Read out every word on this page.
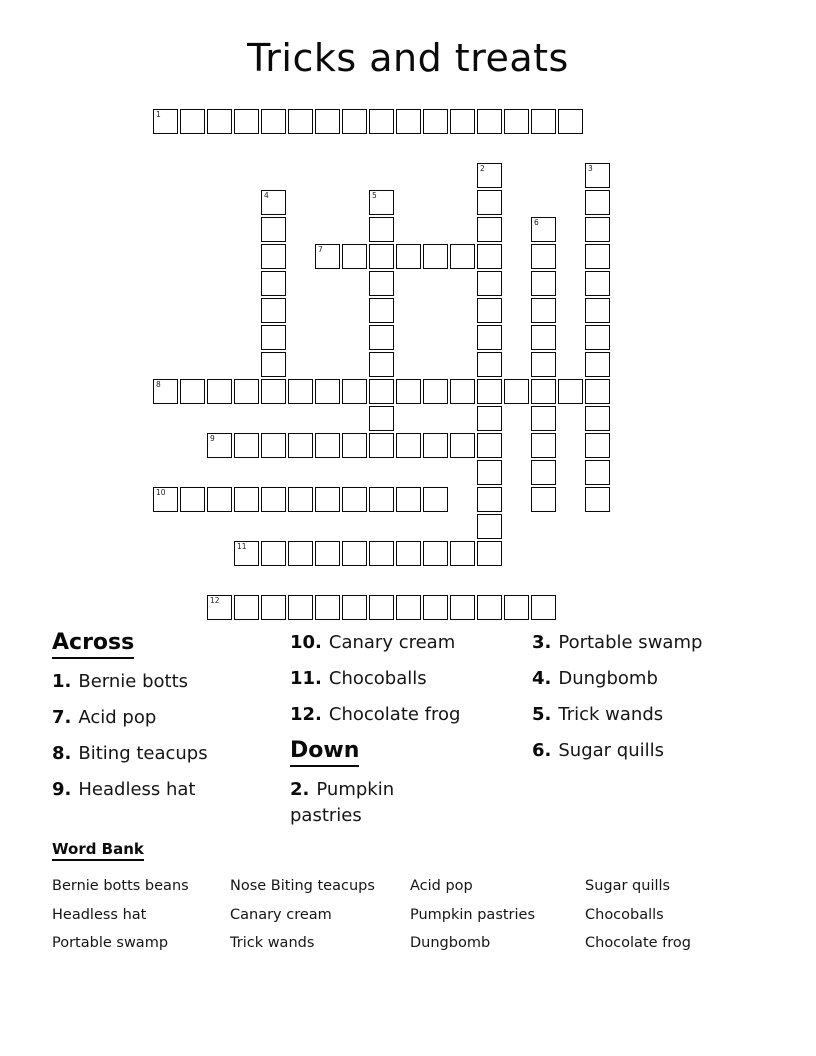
Tricks and treats
1
2	3
4	5
6
7
8
9
10
11
12
Across
1. Bernie botts
7. Acid pop
8. Biting teacups
9. Headless hat
10. Canary cream
11. Chocoballs
12. Chocolate frog
Down
2. Pumpkin pastries
3. Portable swamp
4. Dungbomb
5. Trick wands
6. Sugar quills
Word Bank
Bernie botts beans
Headless hat
Portable swamp
Nose Biting teacups
Canary cream
Trick wands
Acid pop
Pumpkin pastries
Dungbomb
Sugar quills
Chocoballs
Chocolate frog
